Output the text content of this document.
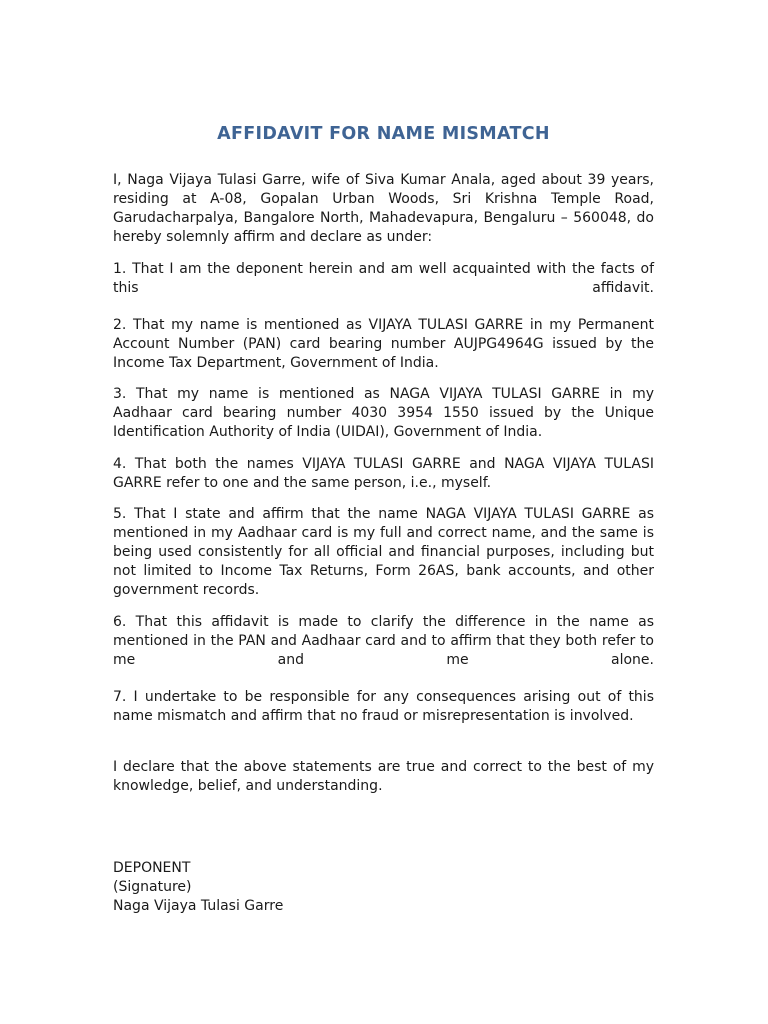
AFFIDAVIT FOR NAME MISMATCH

I, Naga Vijaya Tulasi Garre, wife of Siva Kumar Anala, aged about 39 years, residing at A-08, Gopalan Urban Woods, Sri Krishna Temple Road, Garudacharpalya, Bangalore North, Mahadevapura, Bengaluru – 560048, do hereby solemnly affirm and declare as under:

1. That I am the deponent herein and am well acquainted with the facts of this affidavit.

2. That my name is mentioned as VIJAYA TULASI GARRE in my Permanent Account Number (PAN) card bearing number AUJPG4964G issued by the Income Tax Department, Government of India.

3. That my name is mentioned as NAGA VIJAYA TULASI GARRE in my Aadhaar card bearing number 4030 3954 1550 issued by the Unique Identification Authority of India (UIDAI), Government of India.

4. That both the names VIJAYA TULASI GARRE and NAGA VIJAYA TULASI GARRE refer to one and the same person, i.e., myself.

5. That I state and affirm that the name NAGA VIJAYA TULASI GARRE as mentioned in my Aadhaar card is my full and correct name, and the same is being used consistently for all official and financial purposes, including but not limited to Income Tax Returns, Form 26AS, bank accounts, and other government records.

6. That this affidavit is made to clarify the difference in the name as mentioned in the PAN and Aadhaar card and to affirm that they both refer to me and me alone.

7. I undertake to be responsible for any consequences arising out of this name mismatch and affirm that no fraud or misrepresentation is involved.

I declare that the above statements are true and correct to the best of my knowledge, belief, and understanding.

DEPONENT

(Signature)

Naga Vijaya Tulasi Garre
